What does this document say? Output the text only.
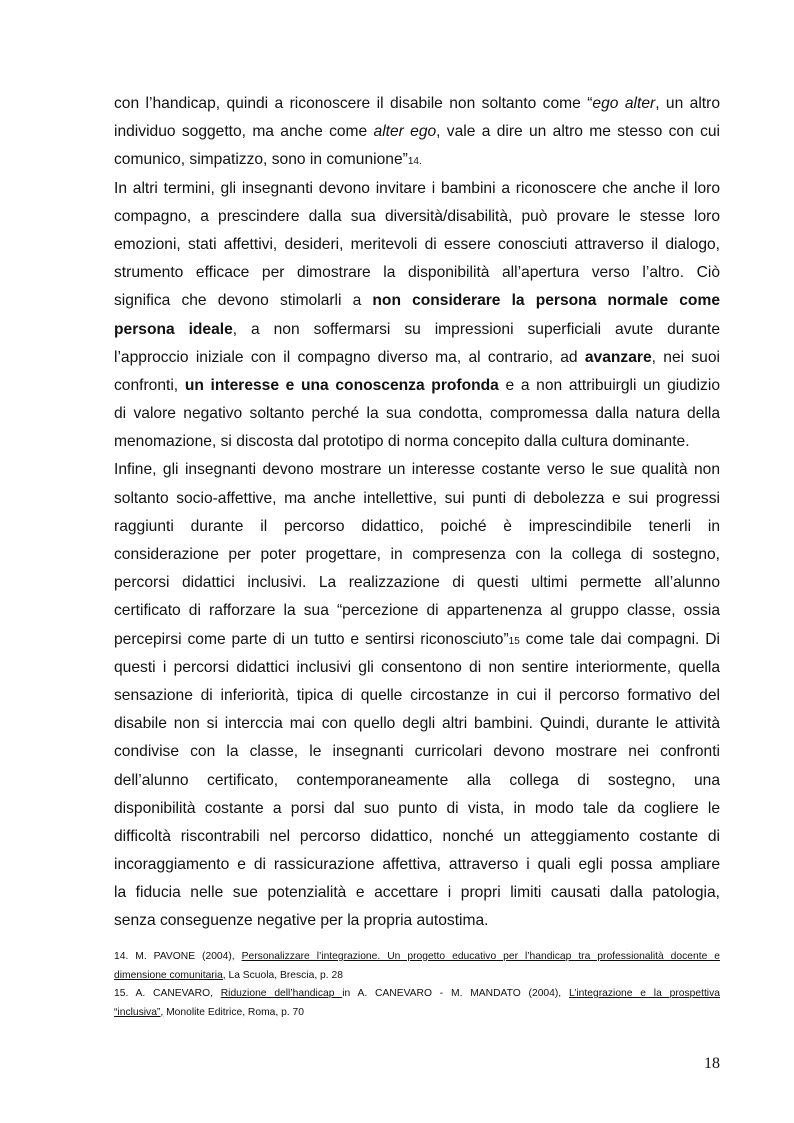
con l’handicap, quindi a riconoscere il disabile non soltanto come “ego alter, un altro
individuo soggetto, ma anche come alter ego, vale a dire un altro me stesso con cui
comunico, simpatizzo, sono in comunione”14.
In altri termini, gli insegnanti devono invitare i bambini a riconoscere che anche il loro
compagno, a prescindere dalla sua diversità/disabilità, può provare le stesse loro
emozioni, stati affettivi, desideri, meritevoli di essere conosciuti attraverso il dialogo,
strumento efficace per dimostrare la disponibilità all’apertura verso l’altro. Ciò
significa che devono stimolarli a non considerare la persona normale come
persona ideale, a non soffermarsi su impressioni superficiali avute durante
l’approccio iniziale con il compagno diverso ma, al contrario, ad avanzare, nei suoi
confronti, un interesse e una conoscenza profonda e a non attribuirgli un giudizio
di valore negativo soltanto perché la sua condotta, compromessa dalla natura della
menomazione, si discosta dal prototipo di norma concepito dalla cultura dominante.
Infine, gli insegnanti devono mostrare un interesse costante verso le sue qualità non
soltanto socio-affettive, ma anche intellettive, sui punti di debolezza e sui progressi
raggiunti durante il percorso didattico, poiché è imprescindibile tenerli in
considerazione per poter progettare, in compresenza con la collega di sostegno,
percorsi didattici inclusivi. La realizzazione di questi ultimi permette all’alunno
certificato di rafforzare la sua “percezione di appartenenza al gruppo classe, ossia
percepirsi come parte di un tutto e sentirsi riconosciuto”15 come tale dai compagni. Di
questi i percorsi didattici inclusivi gli consentono di non sentire interiormente, quella
sensazione di inferiorità, tipica di quelle circostanze in cui il percorso formativo del
disabile non si interccia mai con quello degli altri bambini. Quindi, durante le attività
condivise con la classe, le insegnanti curricolari devono mostrare nei confronti
dell’alunno certificato, contemporaneamente alla collega di sostegno, una
disponibilità costante a porsi dal suo punto di vista, in modo tale da cogliere le
difficoltà riscontrabili nel percorso didattico, nonché un atteggiamento costante di
incoraggiamento e di rassicurazione affettiva, attraverso i quali egli possa ampliare
la fiducia nelle sue potenzialità e accettare i propri limiti causati dalla patologia,
senza conseguenze negative per la propria autostima.
14. M. PAVONE (2004), Personalizzare l’integrazione. Un progetto educativo per l’handicap tra professionalità docente e
dimensione comunitaria, La Scuola, Brescia, p. 28
15. A. CANEVARO, Riduzione dell’handicap in A. CANEVARO - M. MANDATO (2004), L’integrazione e la prospettiva
“inclusiva”, Monolite Editrice, Roma, p. 70
18
